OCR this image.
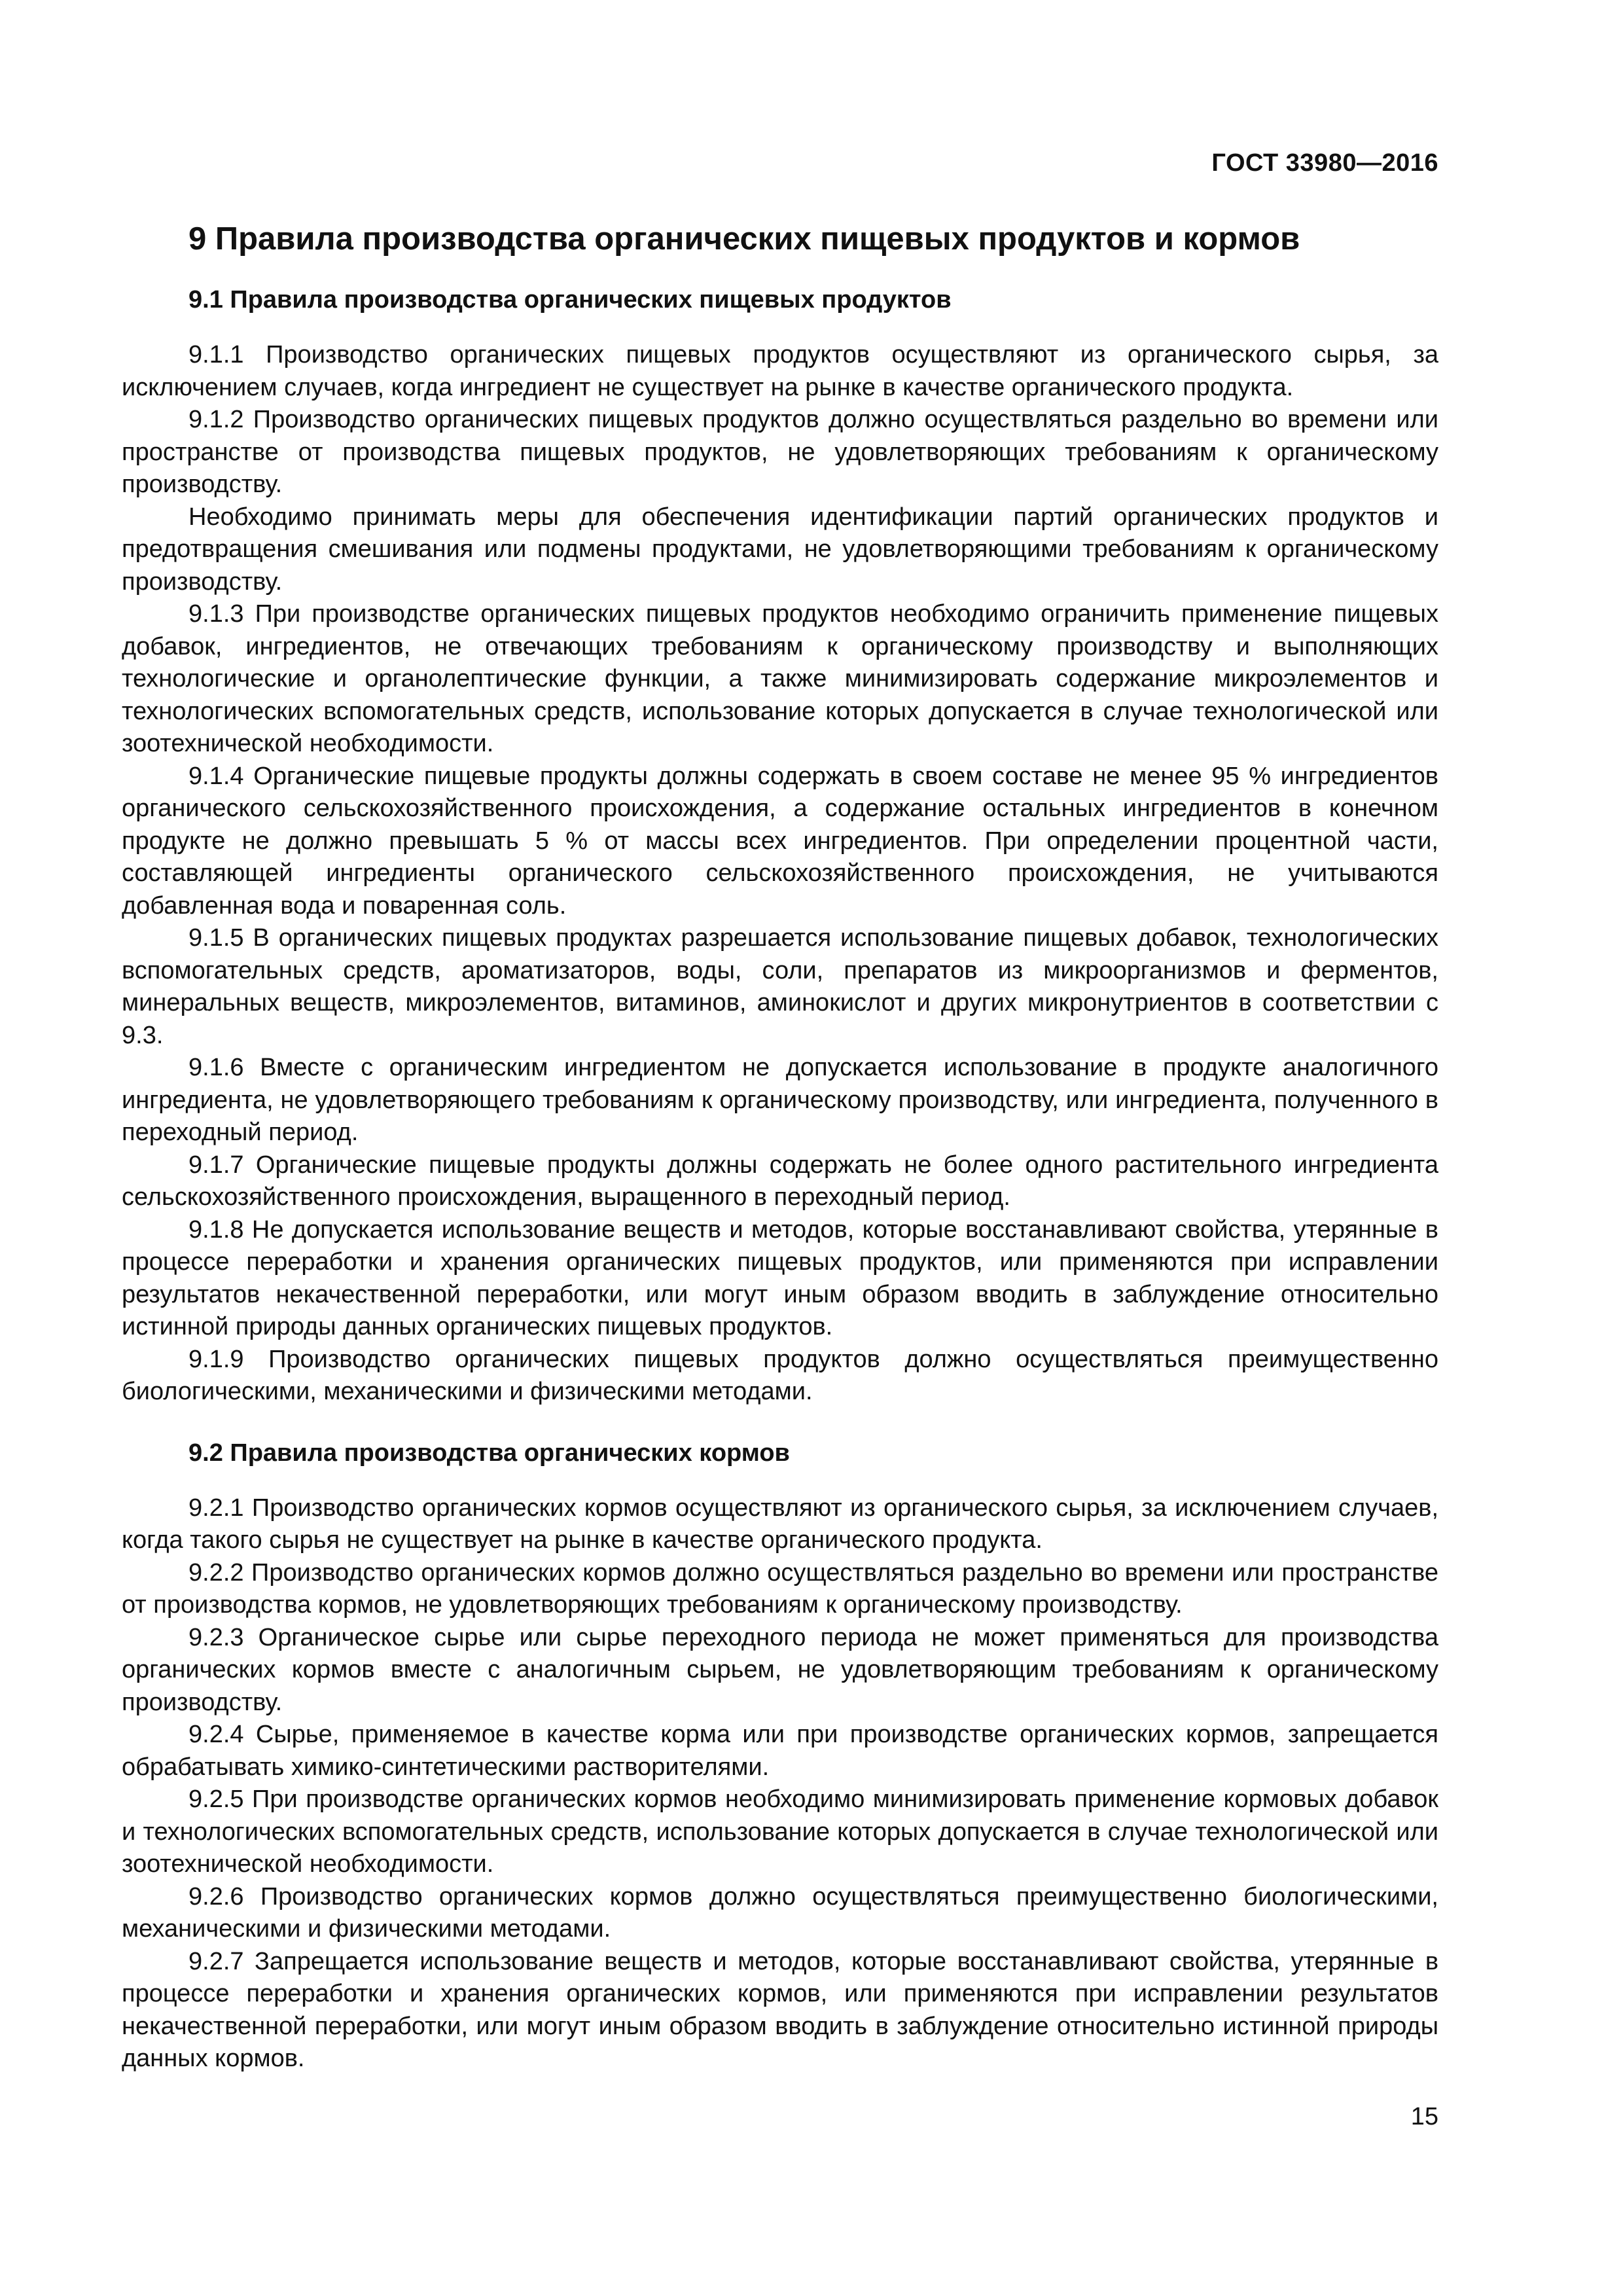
ГОСТ 33980—2016
9 Правила производства органических пищевых продуктов и кормов
9.1 Правила производства органических пищевых продуктов

9.1.1 Производство органических пищевых продуктов осуществляют из органического сырья, за исключением случаев, когда ингредиент не существует на рынке в качестве органического продукта.

9.1.2 Производство органических пищевых продуктов должно осуществляться раздельно во времени или пространстве от производства пищевых продуктов, не удовлетворяющих требованиям к органическому производству.

Необходимо принимать меры для обеспечения идентификации партий органических продуктов и предотвращения смешивания или подмены продуктами, не удовлетворяющими требованиям к органическому производству.

9.1.3 При производстве органических пищевых продуктов необходимо ограничить применение пищевых добавок, ингредиентов, не отвечающих требованиям к органическому производству и выполняющих технологические и органолептические функции, а также минимизировать содержание микроэлементов и технологических вспомогательных средств, использование которых допускается в случае технологической или зоотехнической необходимости.

9.1.4 Органические пищевые продукты должны содержать в своем составе не менее 95 % ингредиентов органического сельскохозяйственного происхождения, а содержание остальных ингредиентов в конечном продукте не должно превышать 5 % от массы всех ингредиентов. При определении процентной части, составляющей ингредиенты органического сельскохозяйственного происхождения, не учитываются добавленная вода и поваренная соль.

9.1.5 В органических пищевых продуктах разрешается использование пищевых добавок, технологических вспомогательных средств, ароматизаторов, воды, соли, препаратов из микроорганизмов и ферментов, минеральных веществ, микроэлементов, витаминов, аминокислот и других микронутриентов в соответствии с 9.3.

9.1.6 Вместе с органическим ингредиентом не допускается использование в продукте аналогичного ингредиента, не удовлетворяющего требованиям к органическому производству, или ингредиента, полученного в переходный период.

9.1.7 Органические пищевые продукты должны содержать не более одного растительного ингредиента сельскохозяйственного происхождения, выращенного в переходный период.

9.1.8 Не допускается использование веществ и методов, которые восстанавливают свойства, утерянные в процессе переработки и хранения органических пищевых продуктов, или применяются при исправлении результатов некачественной переработки, или могут иным образом вводить в заблуждение относительно истинной природы данных органических пищевых продуктов.

9.1.9 Производство органических пищевых продуктов должно осуществляться преимущественно биологическими, механическими и физическими методами.

9.2 Правила производства органических кормов

9.2.1 Производство органических кормов осуществляют из органического сырья, за исключением случаев, когда такого сырья не существует на рынке в качестве органического продукта.

9.2.2 Производство органических кормов должно осуществляться раздельно во времени или пространстве от производства кормов, не удовлетворяющих требованиям к органическому производству.

9.2.3 Органическое сырье или сырье переходного периода не может применяться для производства органических кормов вместе с аналогичным сырьем, не удовлетворяющим требованиям к органическому производству.

9.2.4 Сырье, применяемое в качестве корма или при производстве органических кормов, запрещается обрабатывать химико-синтетическими растворителями.

9.2.5 При производстве органических кормов необходимо минимизировать применение кормовых добавок и технологических вспомогательных средств, использование которых допускается в случае технологической или зоотехнической необходимости.

9.2.6 Производство органических кормов должно осуществляться преимущественно биологическими, механическими и физическими методами.

9.2.7 Запрещается использование веществ и методов, которые восстанавливают свойства, утерянные в процессе переработки и хранения органических кормов, или применяются при исправлении результатов некачественной переработки, или могут иным образом вводить в заблуждение относительно истинной природы данных кормов.

15
